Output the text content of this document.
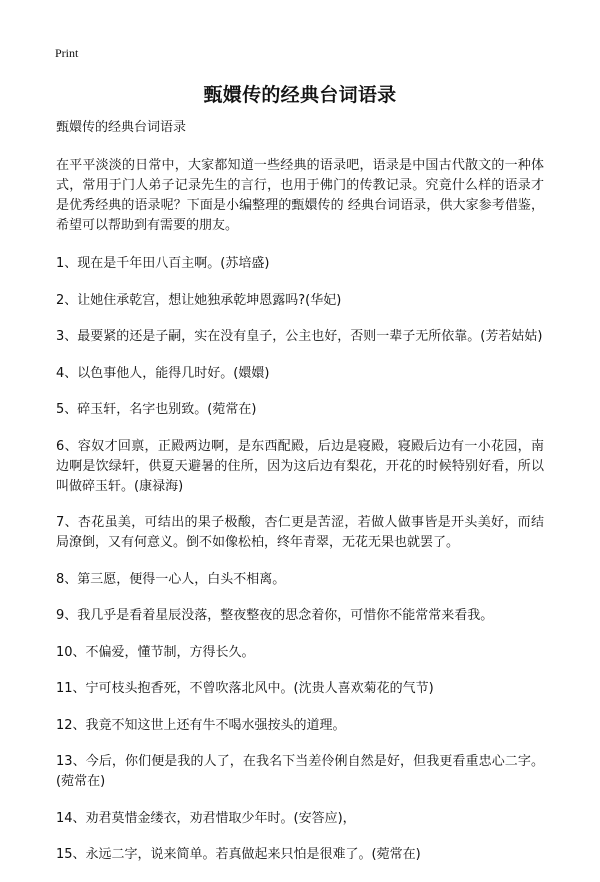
Print
甄嬛传的经典台词语录

甄嬛传的经典台词语录

在平平淡淡的日常中，大家都知道一些经典的语录吧，语录是中国古代散文的一种体式，常用于门人弟子记录先生的言行，也用于佛门的传教记录。究竟什么样的语录才是优秀经典的语录呢？下面是小编整理的甄嬛传的 经典台词语录，供大家参考借鉴，希望可以帮助到有需要的朋友。

1、现在是千年田八百主啊。(苏培盛)
2、让她住承乾宫，想让她独承乾坤恩露吗?(华妃)
3、最要紧的还是子嗣，实在没有皇子，公主也好，否则一辈子无所依靠。(芳若姑姑)
4、以色事他人，能得几时好。(嬛嬛)
5、碎玉轩，名字也别致。(菀常在)
6、容奴才回禀，正殿两边啊，是东西配殿，后边是寝殿，寝殿后边有一小花园，南边啊是饮绿轩，供夏天避暑的住所，因为这后边有梨花，开花的时候特别好看，所以叫做碎玉轩。(康禄海)
7、杏花虽美，可结出的果子极酸，杏仁更是苦涩，若做人做事皆是开头美好，而结局潦倒，又有何意义。倒不如像松柏，终年青翠，无花无果也就罢了。
8、第三愿，便得一心人，白头不相离。
9、我几乎是看着星辰没落，整夜整夜的思念着你，可惜你不能常常来看我。
10、不偏爱，懂节制，方得长久。
11、宁可枝头抱香死，不曾吹落北风中。(沈贵人喜欢菊花的气节)
12、我竟不知这世上还有牛不喝水强按头的道理。
13、今后，你们便是我的人了，在我名下当差伶俐自然是好，但我更看重忠心二字。(菀常在)
14、劝君莫惜金缕衣，劝君惜取少年时。(安答应)，
15、永远二字，说来简单。若真做起来只怕是很难了。(菀常在)
